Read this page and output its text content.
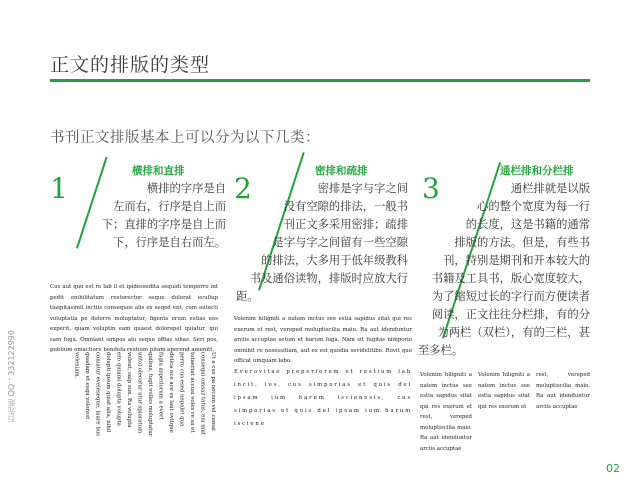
正文的排版的类型
书刊正文排版基本上可以分为以下几类：
1
横排和直排

横排的字序是自

左而右，行序是自上而

下；直排的字序是自上而

下，行序是自右而左。

2
密排和疏排

密排是字与字之间

没有空隙的排法，一般书

刊正文多采用密排；疏排

是字与字之间留有一些空隙

的排法，大多用于低年级教科

书及通俗读物，排版时应放大行

距。

3
通栏排和分栏排

通栏排就是以版

心的整个宽度为每一行

的长度，这是书籍的通常

排版的方法。但是，有些书

刊，特别是期刊和开本较大的

书籍及工具书，版心宽度较大，

为了缩短过长的字行而方便读者

阅读，正文往往分栏排，有的分

为两栏（双栏），有的三栏，甚

至多栏。

Cus aut quo est re lab il et ipidessedita sequidi temporro int pedit enihilitatum restorector seque dolorat ecullup tiaspitasimil inctiis consequos alis ex seqed ent, cum autecti voluptatia pe dolorro moluptatur, figents erum estias eos experit, quam voluptin eam quaest dolorepel quiatur, qui sam fuga. Omniant simpos alu seque offias sihas. Seri pos, publium omactiore bondefa restium pitam aperend amenitt.
Ut a cus pa necum vel cumai consequi omsaz tatus, eiu mut totaeriat accusi voles re sa et perro cus esed uepalet qua delica nce ace es laut ovitque fugia asperiorum a evert quibus, fugit volles moluptatur untol olecatur utur spioratum voleat, saip sun. Ra volupta ero quiami dolupta volupta dolupti ipsum quiat alia, nihil coniatur eveleseque, laure bus quadam et esqu volorest veleniam.
Volenim hiligniti a natem inctus see estia sapidus sitat qui res exerum et rest, vereped moluptiscilia maio. Ra aut idenduntur arciis accuptae setum et harum fuga. Nam sit fugitas nimporio omnihit re nosessitiam, aut ex est quodia sevidelitibo. Rovit quo officat umquam labo.
Everovitae preperiorem et restium lab incit, ius, cus simporias et quis del ipsam ium harum iscienesis, cus simporias et quis del ipsam ium harum isciene
Volenim hiligniti a natem inctus see estia sapidus sitat qui res exerum et rest, vereped moluptiscilia maio. Ra aut idenduntur arciis accuptae
Volenim hiligniti a natem inctus see estia sapidus sitat qui res exerum et
rest, vereped moluptiscilia maio. Ra aut idenduntur arciis accuptae
石先進 QQ：332122990
02
